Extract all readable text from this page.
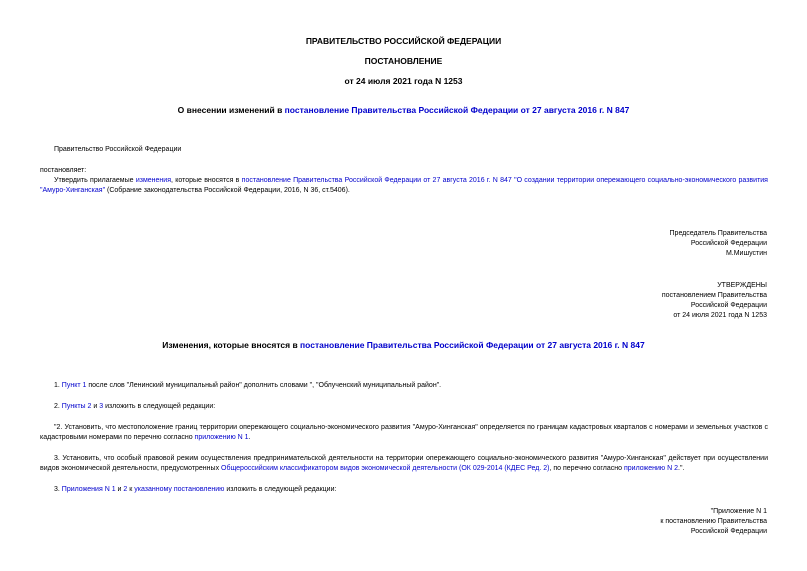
ПРАВИТЕЛЬСТВО РОССИЙСКОЙ ФЕДЕРАЦИИ
ПОСТАНОВЛЕНИЕ
от 24 июля 2021 года N 1253
О внесении изменений в постановление Правительства Российской Федерации от 27 августа 2016 г. N 847
Правительство Российской Федерации
постановляет:
Утвердить прилагаемые изменения, которые вносятся в постановление Правительства Российской Федерации от 27 августа 2016 г. N 847 "О создании территории опережающего социально-экономического развития "Амуро-Хинганская" (Собрание законодательства Российской Федерации, 2016, N 36, ст.5406).
Председатель Правительства
Российской Федерации
М.Мишустин
УТВЕРЖДЕНЫ
постановлением Правительства
Российской Федерации
от 24 июля 2021 года N 1253
Изменения, которые вносятся в постановление Правительства Российской Федерации от 27 августа 2016 г. N 847
1. Пункт 1 после слов "Ленинский муниципальный район" дополнить словами ", "Облученский муниципальный район".
2. Пункты 2 и 3 изложить в следующей редакции:
"2. Установить, что местоположение границ территории опережающего социально-экономического развития "Амуро-Хинганская" определяется по границам кадастровых кварталов с номерами и земельных участков с кадастровыми номерами по перечню согласно приложению N 1.
3. Установить, что особый правовой режим осуществления предпринимательской деятельности на территории опережающего социально-экономического развития "Амуро-Хинганская" действует при осуществлении видов экономической деятельности, предусмотренных Общероссийским классификатором видов экономической деятельности (ОК 029-2014 (КДЕС Ред. 2), по перечню согласно приложению N 2.".
3. Приложения N 1 и 2 к указанному постановлению изложить в следующей редакции:
"Приложение N 1
к постановлению Правительства
Российской Федерации
